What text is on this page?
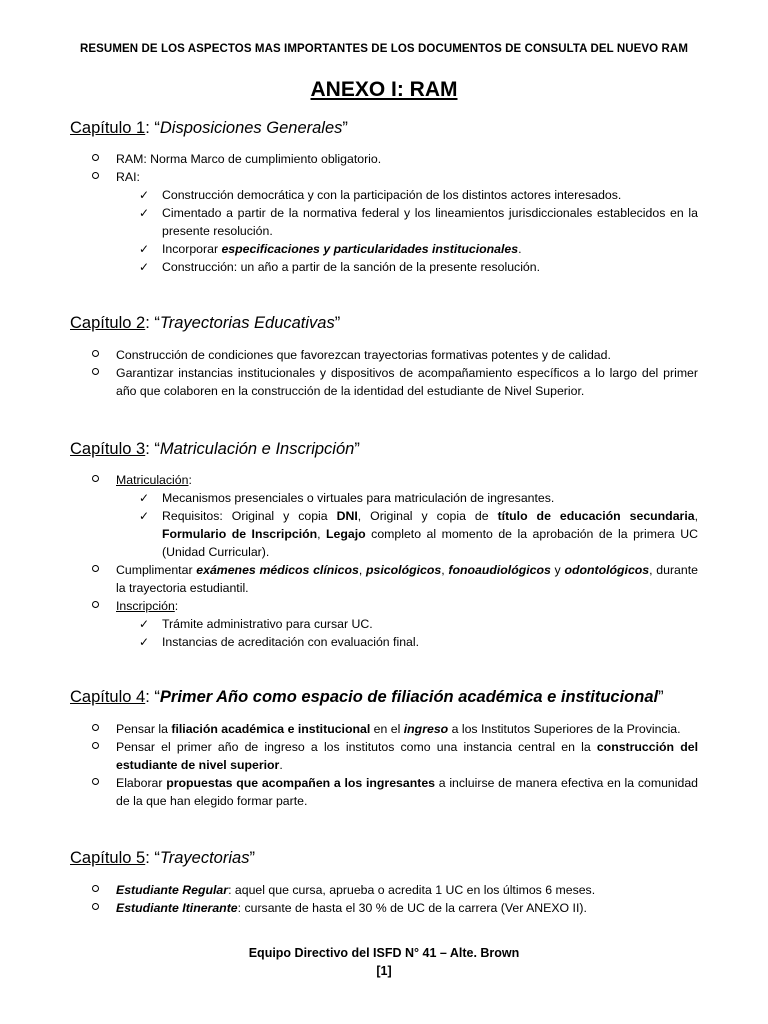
RESUMEN DE LOS ASPECTOS MAS IMPORTANTES DE LOS DOCUMENTOS DE CONSULTA DEL NUEVO RAM
ANEXO I: RAM
Capítulo 1: “Disposiciones Generales”
RAM: Norma Marco de cumplimiento obligatorio.
RAI:
✓ Construcción democrática y con la participación de los distintos actores interesados.
✓ Cimentado a partir de la normativa federal y los lineamientos jurisdiccionales establecidos en la presente resolución.
✓ Incorporar especificaciones y particularidades institucionales.
✓ Construcción: un año a partir de la sanción de la presente resolución.
Capítulo 2: “Trayectorias Educativas”
Construcción de condiciones que favorezcan trayectorias formativas potentes y de calidad.
Garantizar instancias institucionales y dispositivos de acompañamiento específicos a lo largo del primer año que colaboren en la construcción de la identidad del estudiante de Nivel Superior.
Capítulo 3: “Matriculación e Inscripción”
Matriculación:
✓ Mecanismos presenciales o virtuales para matriculación de ingresantes.
✓ Requisitos: Original y copia DNI, Original y copia de título de educación secundaria, Formulario de Inscripción, Legajo completo al momento de la aprobación de la primera UC (Unidad Curricular).
Cumplimentar exámenes médicos clínicos, psicológicos, fonoaudiológicos y odontológicos, durante la trayectoria estudiantil.
Inscripción:
✓ Trámite administrativo para cursar UC.
✓ Instancias de acreditación con evaluación final.
Capítulo 4: “Primer Año como espacio de filiación académica e institucional”
Pensar la filiación académica e institucional en el ingreso a los Institutos Superiores de la Provincia.
Pensar el primer año de ingreso a los institutos como una instancia central en la construcción del estudiante de nivel superior.
Elaborar propuestas que acompañen a los ingresantes a incluirse de manera efectiva en la comunidad de la que han elegido formar parte.
Capítulo 5: “Trayectorias”
Estudiante Regular: aquel que cursa, aprueba o acredita 1 UC en los últimos 6 meses.
Estudiante Itinerante: cursante de hasta el 30 % de UC de la carrera (Ver ANEXO II).
Equipo Directivo del ISFD N° 41 – Alte. Brown
[1]
